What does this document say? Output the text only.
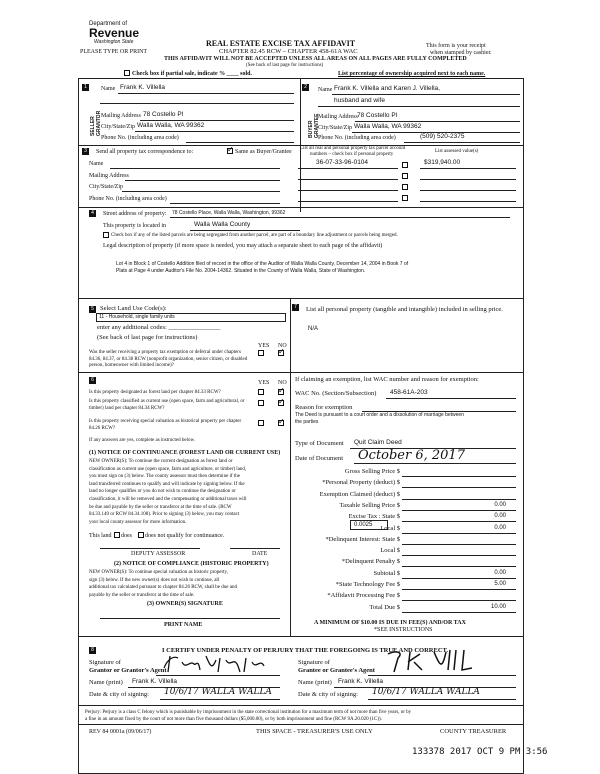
Department of
Revenue
Washington State	REAL ESTATE EXCISE TAX AFFIDAVIT
CHAPTER 82.45 RCW – CHAPTER 458-61A WAC
THIS AFFIDAVIT WILL NOT BE ACCEPTED UNLESS ALL AREAS ON ALL PAGES ARE FULLY COMPLETED
(See back of last page for instructions)
PLEASE TYPE OR PRINT
This form is your receipt
when stamped by cashier.
Check box if partial sale, indicate % ____ sold.	List percentage of ownership acquired next to each name.
1
SELLER GRANTOR
Name Frank K. Villella
Mailing Address 78 Costello Pl
City/State/Zip Walla Walla, WA 99362
Phone No. (including area code)
2
BUYER GRANTEE
Name Frank K. Villella and Karen J. Villella,
husband and wife
Mailing Address 78 Costello Pl
City/State/Zip Walla Walla, WA 99362
Phone No. (including area code)	(509) 520-2375
3	Send all property tax correspondence to:
✓	Same as Buyer/Grantee
List all real and personal property tax parcel account
numbers – check box if personal property
List assessed value(s)
Name
Mailing Address
City/State/Zip
Phone No. (including area code)
36-07-33-96-0104	$319,940.00
4	Street address of property: 78 Costello Place, Walla Walla, Washington, 99362
This property is located in	Walla Walla County
Check box if any of the listed parcels are being segregated from another parcel, are part of a boundary line adjustment or parcels being merged.
Legal description of property (if more space is needed, you may attach a separate sheet to each page of the affidavit)
Lot 4 in Block 1 of Costello Addition filed of record in the office of the Auditor of Walla Walla County, December 14, 2004 in Book 7 of
Plats at Page 4 under Auditor's File No. 2004-14362. Situated in the County of Walla Walla, State of Washington.
5 Select Land Use Code(s):
11 - Household, single family units
enter any additional codes: ________________
(See back of last page for instructions)
YES NO
Was the seller receiving a property tax exemption or deferral under chapters 84.36, 84.37, or 84.38 RCW (nonprofit organization, senior citizen, or disabled person, homeowner with limited income)?
✓
6	YES NO
Is this property designated as forest land per chapter 84.33 RCW?
✓
Is this property classified as current use (open space, farm and agricultural, or timber) land per chapter 84.34 RCW?
✓
Is this property receiving special valuation as historical property per chapter 84.26 RCW?
✓
If any answers are yes, complete as instructed below.
(1) NOTICE OF CONTINUANCE (FOREST LAND OR CURRENT USE)
NEW OWNER(S): To continue the current designation as forest land or
classification as current use (open space, farm and agriculture, or timber) land,
you must sign on (3) below. The county assessor must then determine if the
land transferred continues to qualify and will indicate by signing below. If the
land no longer qualifies or you do not wish to continue the designation or
classification, it will be removed and the compensating or additional taxes will
be due and payable by the seller or transferor at the time of sale. (RCW
84.33.140 or RCW 84.34.108). Prior to signing (3) below, you may contact
your local county assessor for more information.
This land does does not qualify for continuance.
DEPUTY ASSESSOR	DATE
(2) NOTICE OF COMPLIANCE (HISTORIC PROPERTY)
NEW OWNER(S): To continue special valuation as historic property,
sign (3) below. If the new owner(s) does not wish to continue, all
additional tax calculated pursuant to chapter 84.26 RCW, shall be due and
payable by the seller or transferor at the time of sale.
(3) OWNER(S) SIGNATURE
PRINT NAME
7	List all personal property (tangible and intangible) included in selling price.
N/A
If claiming an exemption, list WAC number and reason for exemption:
WAC No. (Section/Subsection) 458-61A-203
Reason for exemption
The Deed is pursuant to a court order and a dissolution of marriage between
the parties
Type of Document Quit Claim Deed
Date of Document October 6, 2017
Gross Selling Price $
*Personal Property (deduct) $
Exemption Claimed (deduct) $
Taxable Selling Price $	0.00
Excise Tax : State $	0.00
Local $	0.00
*Delinquent Interest: State $
Local $
*Delinquent Penalty $
Subtotal $	0.00
*State Technology Fee $	5.00
*Affidavit Processing Fee $
Total Due $	10.00
0.0025
A MINIMUM OF $10.00 IS DUE IN FEE(S) AND/OR TAX
*SEE INSTRUCTIONS
8	I CERTIFY UNDER PENALTY OF PERJURY THAT THE FOREGOING IS TRUE AND CORRECT.
Signature of
Grantor or Grantor's Agent
Signature of
Grantee or Grantee's Agent
Name (print) Frank K. Villella	Name (print) Frank K. Villella
Date & city of signing: 10/6/17 WALLA WALLA	Date & city of signing: 10/6/17 WALLA WALLA
Perjury: Perjury is a class C felony which is punishable by imprisonment in the state correctional institution for a maximum term of not more than five years, or by
a fine in an amount fixed by the court of not more than five thousand dollars ($5,000.00), or by both imprisonment and fine (RCW 9A.20.020 (1C)).
REV 84 0001a (09/06/17)	THIS SPACE - TREASURER'S USE ONLY	COUNTY TREASURER
133378 2017 OCT 9 PM 3:56
